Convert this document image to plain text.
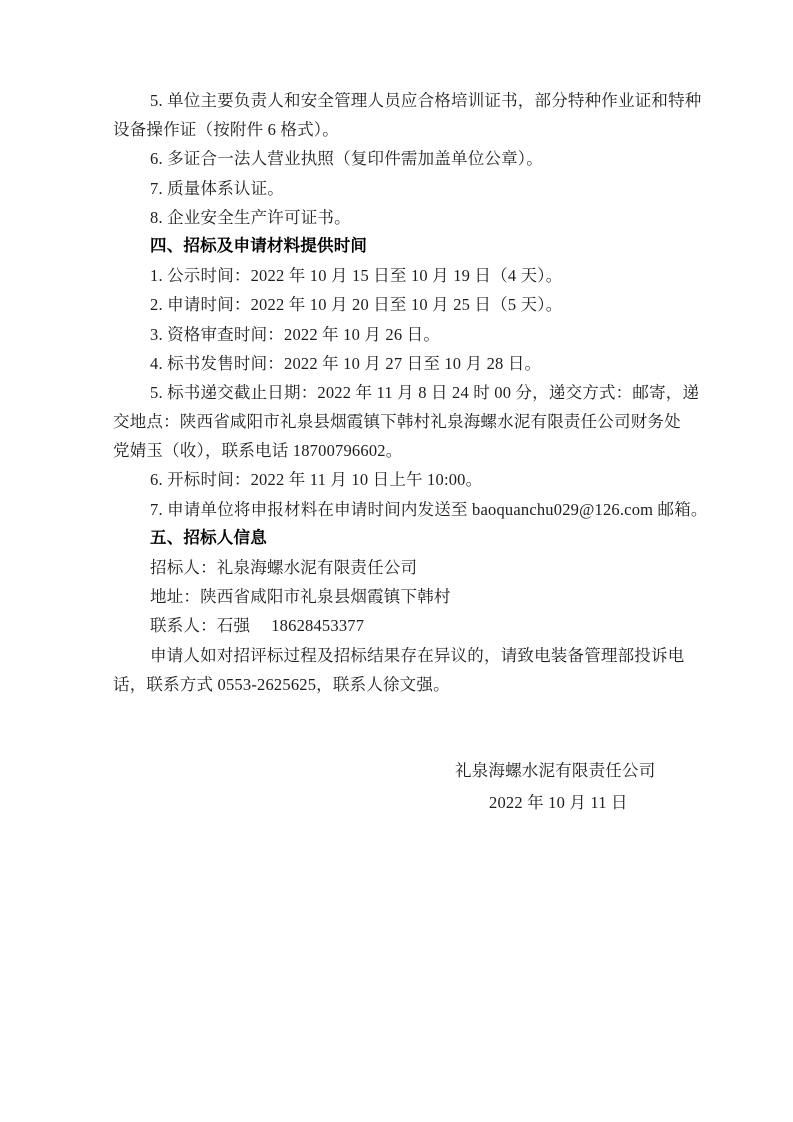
5. 单位主要负责人和安全管理人员应合格培训证书，部分特种作业证和特种
设备操作证（按附件 6 格式）。
6. 多证合一法人营业执照（复印件需加盖单位公章）。
7. 质量体系认证。
8. 企业安全生产许可证书。
四、招标及申请材料提供时间
1. 公示时间：2022 年 10 月 15 日至 10 月 19 日（4 天）。
2. 申请时间：2022 年 10 月 20 日至 10 月 25 日（5 天）。
3. 资格审查时间：2022 年 10 月 26 日。
4. 标书发售时间：2022 年 10 月 27 日至 10 月 28 日。
5. 标书递交截止日期：2022 年 11 月 8 日 24 时 00 分，递交方式：邮寄，递
交地点：陕西省咸阳市礼泉县烟霞镇下韩村礼泉海螺水泥有限责任公司财务处
党婧玉（收），联系电话 18700796602。
6. 开标时间：2022 年 11 月 10 日上午 10:00。
7. 申请单位将申报材料在申请时间内发送至 baoquanchu029@126.com 邮箱。
五、招标人信息
招标人：礼泉海螺水泥有限责任公司
地址：陕西省咸阳市礼泉县烟霞镇下韩村
联系人：石强　 18628453377
申请人如对招评标过程及招标结果存在异议的，请致电装备管理部投诉电
话，联系方式 0553-2625625，联系人徐文强。
礼泉海螺水泥有限责任公司
2022 年 10 月 11 日
